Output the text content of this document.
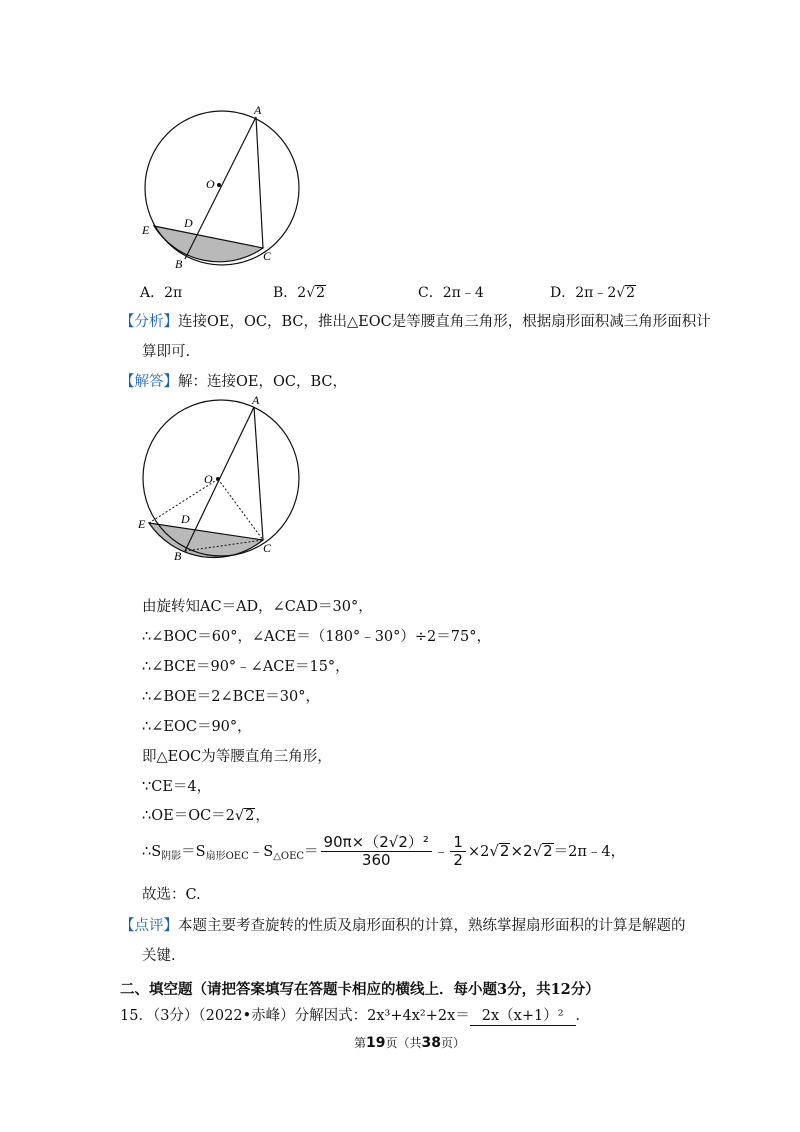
A
O
D
E
B
C
A．2π	B．2√2	C．2π﹣4	D．2π﹣2√2
【分析】连接OE，OC，BC，推出△EOC是等腰直角三角形，根据扇形面积减三角形面积计
算即可.
【解答】解：连接OE，OC，BC，
A
O
D
E
B
C
由旋转知AC＝AD，∠CAD＝30°，
∴∠BOC＝60°，∠ACE＝（180°﹣30°）÷2＝75°，
∴∠BCE＝90°﹣∠ACE＝15°，
∴∠BOE＝2∠BCE＝30°，
∴∠EOC＝90°，
即△EOC为等腰直角三角形，
∵CE＝4，
∴OE＝OC＝2√2，
$\therefore S_{阴影}=S_{扇形OEC}﹣S_{\triangle OEC}= \frac{\text{90π×（2√2）²}}{360}$ ﹣ $\frac{1}{2}$ ×2√2×2√2＝2π﹣4，
故选：C.
【点评】本题主要考查旋转的性质及扇形面积的计算，熟练掌握扇形面积的计算是解题的
关键.
二、填空题（请把答案填写在答题卡相应的横线上．每小题3分，共12分）
15．（3分）（2022•赤峰）分解因式：2x³+4x²+2x＝ 2x（x+1）² ．
第19页（共38页）
